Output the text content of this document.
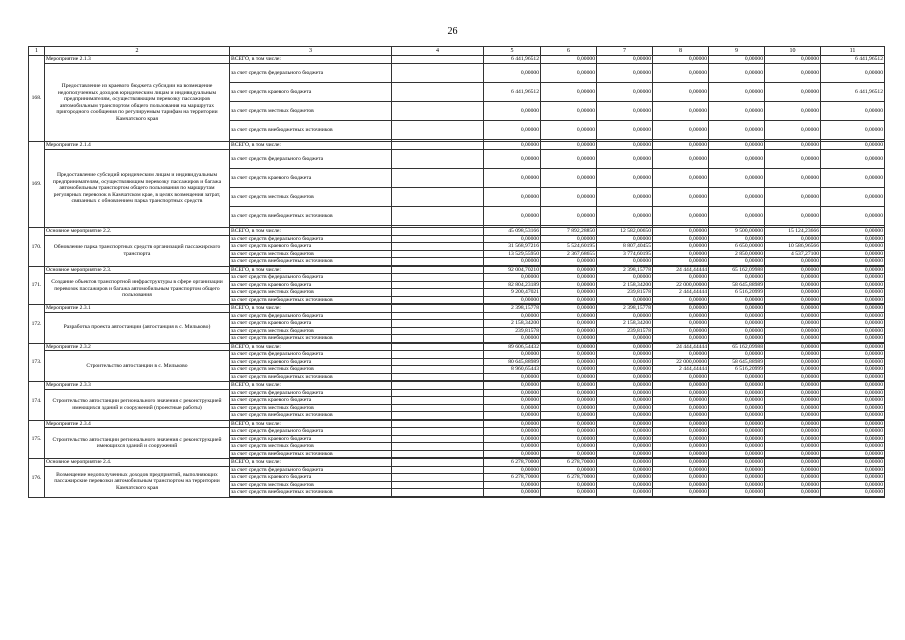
26
1	2	3	4	5	6	7	8	9	10	11
168.	Мероприятие 2.1.3	ВСЕГО, в том числе:		6 441,96512	0,00000	0,00000	0,00000	0,00000	0,00000	6 441,96512
	Предоставление из краевого бюджета субсидии на возмещение недополученных доходов юридическим лицам и индивидуальным предпринимателям, осуществляющим перевозку пассажиров автомобильным транспортом общего пользования на маршрутах пригородного сообщения по регулируемым тарифам на территории Камчатского края	за счет средств федерального бюджета		0,00000	0,00000	0,00000	0,00000	0,00000	0,00000	0,00000
		за счет средств краевого бюджета		6 441,96512	0,00000	0,00000	0,00000	0,00000	0,00000	6 441,96512
		за счет средств местных бюджетов		0,00000	0,00000	0,00000	0,00000	0,00000	0,00000	0,00000
		за счет средств внебюджетных источников		0,00000	0,00000	0,00000	0,00000	0,00000	0,00000	0,00000

169.	Мероприятие 2.1.4	ВСЕГО, в том числе:		0,00000	0,00000	0,00000	0,00000	0,00000	0,00000	0,00000
	Предоставление субсидий юридическим лицам и индивидуальным предпринимателям, осуществляющим перевозку пассажиров и багажа автомобильным транспортом общего пользования по маршрутам регулярных перевозок в Камчатском крае, в целях возмещения затрат, связанных с обновлением парка транспортных средств	за счет средств федерального бюджета		0,00000	0,00000	0,00000	0,00000	0,00000	0,00000	0,00000
		за счет средств краевого бюджета		0,00000	0,00000	0,00000	0,00000	0,00000	0,00000	0,00000
		за счет средств местных бюджетов		0,00000	0,00000	0,00000	0,00000	0,00000	0,00000	0,00000
		за счет средств внебюджетных источников		0,00000	0,00000	0,00000	0,00000	0,00000	0,00000	0,00000

170.	Основное мероприятие 2.2.	ВСЕГО, в том числе:		45 098,53166	7 892,28850	12 582,00650	0,00000	9 500,00000	15 124,23666	0,00000
	Обновление парка транспортных средств организаций пассажирского транспорта	за счет средств федерального бюджета		0,00000	0,00000	0,00000	0,00000	0,00000	0,00000	0,00000
		за счет средств краевого бюджета		31 568,97216	5 524,60195	8 807,40455	0,00000	6 650,00000	10 586,96566	0,00000
		за счет средств местных бюджетов		13 529,55950	2 367,68655	3 774,60195	0,00000	2 850,00000	4 537,27100	0,00000
		за счет средств внебюджетных источников		0,00000	0,00000	0,00000	0,00000	0,00000	0,00000	0,00000

171.	Основное мероприятие 2.3.	ВСЕГО, в том числе:		92 004,70210	0,00000	2 398,15778	24 444,44444	65 162,09988	0,00000	0,00000
	Создание объектов транспортной инфраструктуры в сфере организации перевозок пассажиров и багажа автомобильным транспортом общего пользования	за счет средств федерального бюджета		0,00000	0,00000	0,00000	0,00000	0,00000	0,00000	0,00000
		за счет средств краевого бюджета		82 804,23189	0,00000	2 158,34200	22 000,00000	58 645,88989	0,00000	0,00000
		за счет средств местных бюджетов		9 200,47021	0,00000	239,81578	2 444,44444	6 516,20999	0,00000	0,00000
		за счет средств внебюджетных источников		0,00000	0,00000	0,00000	0,00000	0,00000	0,00000	0,00000

172.	Мероприятие 2.3.1	ВСЕГО, в том числе:		2 398,15778	0,00000	2 398,15778	0,00000	0,00000	0,00000	0,00000
	Разработка проекта автостанции (автостанция в с. Мильково)	за счет средств федерального бюджета		0,00000	0,00000	0,00000	0,00000	0,00000	0,00000	0,00000
		за счет средств краевого бюджета		2 158,34200	0,00000	2 158,34200	0,00000	0,00000	0,00000	0,00000
		за счет средств местных бюджетов		239,81578	0,00000	239,81578	0,00000	0,00000	0,00000	0,00000
		за счет средств внебюджетных источников		0,00000	0,00000	0,00000	0,00000	0,00000	0,00000	0,00000

173.	Мероприятие 2.3.2	ВСЕГО, в том числе:		89 606,54432	0,00000	0,00000	24 444,44444	65 162,09988	0,00000	0,00000
	Строительство автостанции в с. Мильково	за счет средств федерального бюджета		0,00000	0,00000	0,00000	0,00000	0,00000	0,00000	0,00000
		за счет средств краевого бюджета		80 645,88989	0,00000	0,00000	22 000,00000	58 645,88989	0,00000	0,00000
		за счет средств местных бюджетов		8 960,65443	0,00000	0,00000	2 444,44444	6 516,20999	0,00000	0,00000
		за счет средств внебюджетных источников		0,00000	0,00000	0,00000	0,00000	0,00000	0,00000	0,00000

174.	Мероприятие 2.3.3	ВСЕГО, в том числе:		0,00000	0,00000	0,00000	0,00000	0,00000	0,00000	0,00000
	Строительство автостанции регионального значения с реконструкцией имеющихся зданий и сооружений (проектные работы)	за счет средств федерального бюджета		0,00000	0,00000	0,00000	0,00000	0,00000	0,00000	0,00000
		за счет средств краевого бюджета		0,00000	0,00000	0,00000	0,00000	0,00000	0,00000	0,00000
		за счет средств местных бюджетов		0,00000	0,00000	0,00000	0,00000	0,00000	0,00000	0,00000
		за счет средств внебюджетных источников		0,00000	0,00000	0,00000	0,00000	0,00000	0,00000	0,00000

175.	Мероприятие 2.3.4	ВСЕГО, в том числе:		0,00000	0,00000	0,00000	0,00000	0,00000	0,00000	0,00000
	Строительство автостанции регионального значения с реконструкцией имеющихся зданий и сооружений	за счет средств федерального бюджета		0,00000	0,00000	0,00000	0,00000	0,00000	0,00000	0,00000
		за счет средств краевого бюджета		0,00000	0,00000	0,00000	0,00000	0,00000	0,00000	0,00000
		за счет средств местных бюджетов		0,00000	0,00000	0,00000	0,00000	0,00000	0,00000	0,00000
		за счет средств внебюджетных источников		0,00000	0,00000	0,00000	0,00000	0,00000	0,00000	0,00000

176.	Основное мероприятие 2.4.	ВСЕГО, в том числе:		6 278,70000	6 278,70000	0,00000	0,00000	0,00000	0,00000	0,00000
	Возмещение недополученных доходов предприятий, выполняющих пассажирские перевозки автомобильным транспортом на территории Камчатского края	за счет средств федерального бюджета		0,00000	0,00000	0,00000	0,00000	0,00000	0,00000	0,00000
		за счет средств краевого бюджета		6 278,70000	6 278,70000	0,00000	0,00000	0,00000	0,00000	0,00000
		за счет средств местных бюджетов		0,00000	0,00000	0,00000	0,00000	0,00000	0,00000	0,00000
		за счет средств внебюджетных источников		0,00000	0,00000	0,00000	0,00000	0,00000	0,00000	0,00000
